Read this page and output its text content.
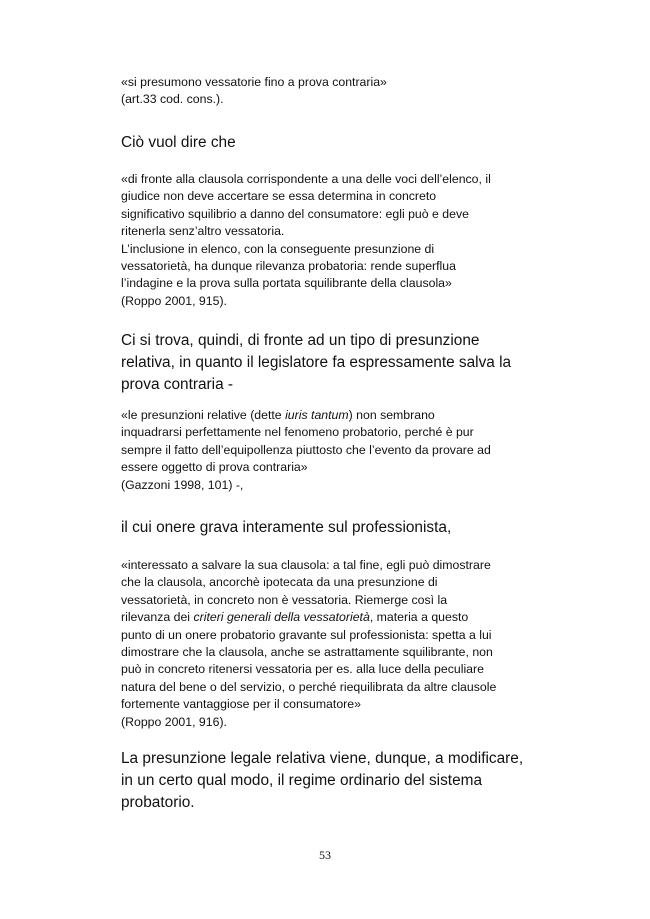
«si presumono vessatorie fino a prova contraria»

(art.33 cod. cons.).

Ciò vuol dire che

«di fronte alla clausola corrispondente a una delle voci dell’elenco, il

giudice non deve accertare se essa determina in concreto

significativo squilibrio a danno del consumatore: egli può e deve

ritenerla senz’altro vessatoria.

L’inclusione in elenco, con la conseguente presunzione di

vessatorietà, ha dunque rilevanza probatoria: rende superflua

l’indagine e la prova sulla portata squilibrante della clausola»

(Roppo 2001, 915).

Ci si trova, quindi, di fronte ad un tipo di presunzione

relativa, in quanto il legislatore fa espressamente salva la

prova contraria -

«le presunzioni relative (dette iuris tantum) non sembrano

inquadrarsi perfettamente nel fenomeno probatorio, perché è pur

sempre il fatto dell’equipollenza piuttosto che l’evento da provare ad

essere oggetto di prova contraria»

(Gazzoni 1998, 101) -,

il cui onere grava interamente sul professionista,

«interessato a salvare la sua clausola: a tal fine, egli può dimostrare

che la clausola, ancorchè ipotecata da una presunzione di

vessatorietà, in concreto non è vessatoria. Riemerge così la

rilevanza dei criteri generali della vessatorietà, materia a questo

punto di un onere probatorio gravante sul professionista: spetta a lui

dimostrare che la clausola, anche se astrattamente squilibrante, non

può in concreto ritenersi vessatoria per es. alla luce della peculiare

natura del bene o del servizio, o perché riequilibrata da altre clausole

fortemente vantaggiose per il consumatore»

(Roppo 2001, 916).

La presunzione legale relativa viene, dunque, a modificare,

in un certo qual modo, il regime ordinario del sistema

probatorio.

53
